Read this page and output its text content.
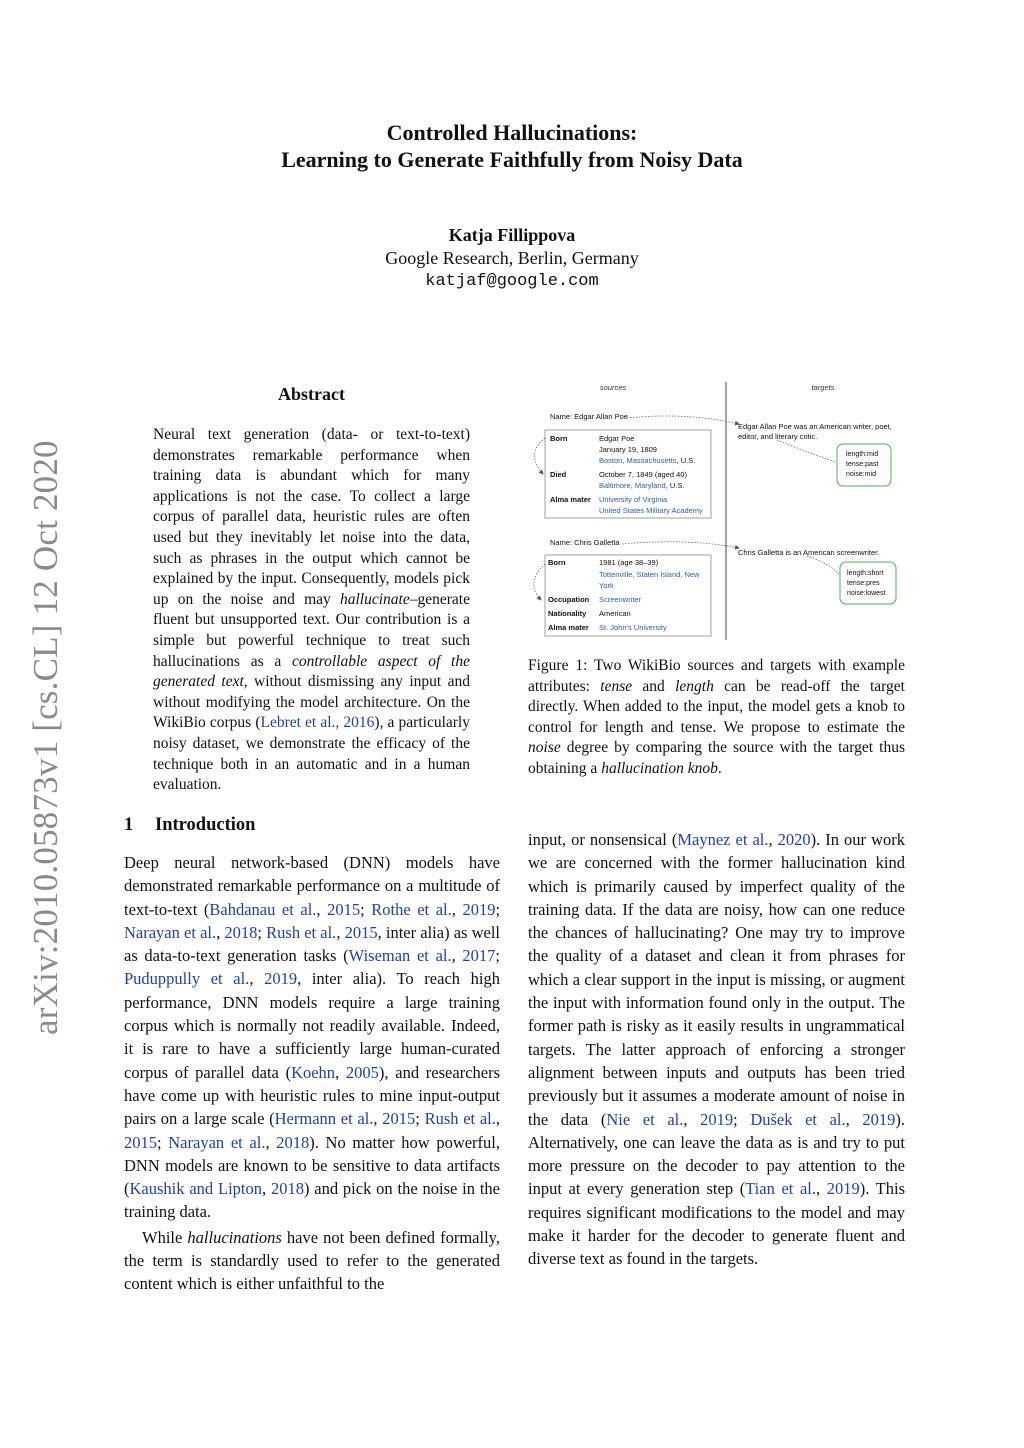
Controlled Hallucinations:
Learning to Generate Faithfully from Noisy Data
Katja Fillippova
Google Research, Berlin, Germany
katjaf@google.com
arXiv:2010.05873v1 [cs.CL] 12 Oct 2020
Abstract
Neural text generation (data- or text-to-text) demonstrates remarkable performance when training data is abundant which for many applications is not the case. To collect a large corpus of parallel data, heuristic rules are often used but they inevitably let noise into the data, such as phrases in the output which cannot be explained by the input. Consequently, models pick up on the noise and may hallucinate–generate fluent but unsupported text. Our contribution is a simple but powerful technique to treat such hallucinations as a controllable aspect of the generated text, without dismissing any input and without modifying the model architecture. On the WikiBio corpus (Lebret et al., 2016), a particularly noisy dataset, we demonstrate the efficacy of the technique both in an automatic and in a human evaluation.
1 Introduction

Deep neural network-based (DNN) models have demonstrated remarkable performance on a multitude of text-to-text (Bahdanau et al., 2015; Rothe et al., 2019; Narayan et al., 2018; Rush et al., 2015, inter alia) as well as data-to-text generation tasks (Wiseman et al., 2017; Puduppully et al., 2019, inter alia). To reach high performance, DNN models require a large training corpus which is normally not readily available. Indeed, it is rare to have a sufficiently large human-curated corpus of parallel data (Koehn, 2005), and researchers have come up with heuristic rules to mine input-output pairs on a large scale (Hermann et al., 2015; Rush et al., 2015; Narayan et al., 2018). No matter how powerful, DNN models are known to be sensitive to data artifacts (Kaushik and Lipton, 2018) and pick on the noise in the training data.

While hallucinations have not been defined formally, the term is standardly used to refer to the generated content which is either unfaithful to the

sources	targets
Name: Edgar Allan Poe
Born	Edgar Poe
January 19, 1809
Boston, Massachusetts, U.S.
Died	October 7, 1849 (aged 40)
Baltimore, Maryland, U.S.
Alma mater University of Virginia
United States Military Academy
Edgar Allan Poe was an American writer, poet,
editor, and literary critic.
length:mid
tense:past
noise:mid
Name: Chris Galletta
Born	1981 (age 38–39)
Tottenville, Staten Island, New
York
Occupation Screenwriter
Nationality American
Alma mater St. John's University
Chris Galletta is an American screenwriter.
length:short
tense:pres
noise:lowest
Figure 1: Two WikiBio sources and targets with example attributes: tense and length can be read-off the target directly. When added to the input, the model gets a knob to control for length and tense. We propose to estimate the noise degree by comparing the source with the target thus obtaining a hallucination knob.
input, or nonsensical (Maynez et al., 2020). In our work we are concerned with the former hallucination kind which is primarily caused by imperfect quality of the training data. If the data are noisy, how can one reduce the chances of hallucinating? One may try to improve the quality of a dataset and clean it from phrases for which a clear support in the input is missing, or augment the input with information found only in the output. The former path is risky as it easily results in ungrammatical targets. The latter approach of enforcing a stronger alignment between inputs and outputs has been tried previously but it assumes a moderate amount of noise in the data (Nie et al., 2019; Dušek et al., 2019). Alternatively, one can leave the data as is and try to put more pressure on the decoder to pay attention to the input at every generation step (Tian et al., 2019). This requires significant modifications to the model and may make it harder for the decoder to generate fluent and diverse text as found in the targets.
